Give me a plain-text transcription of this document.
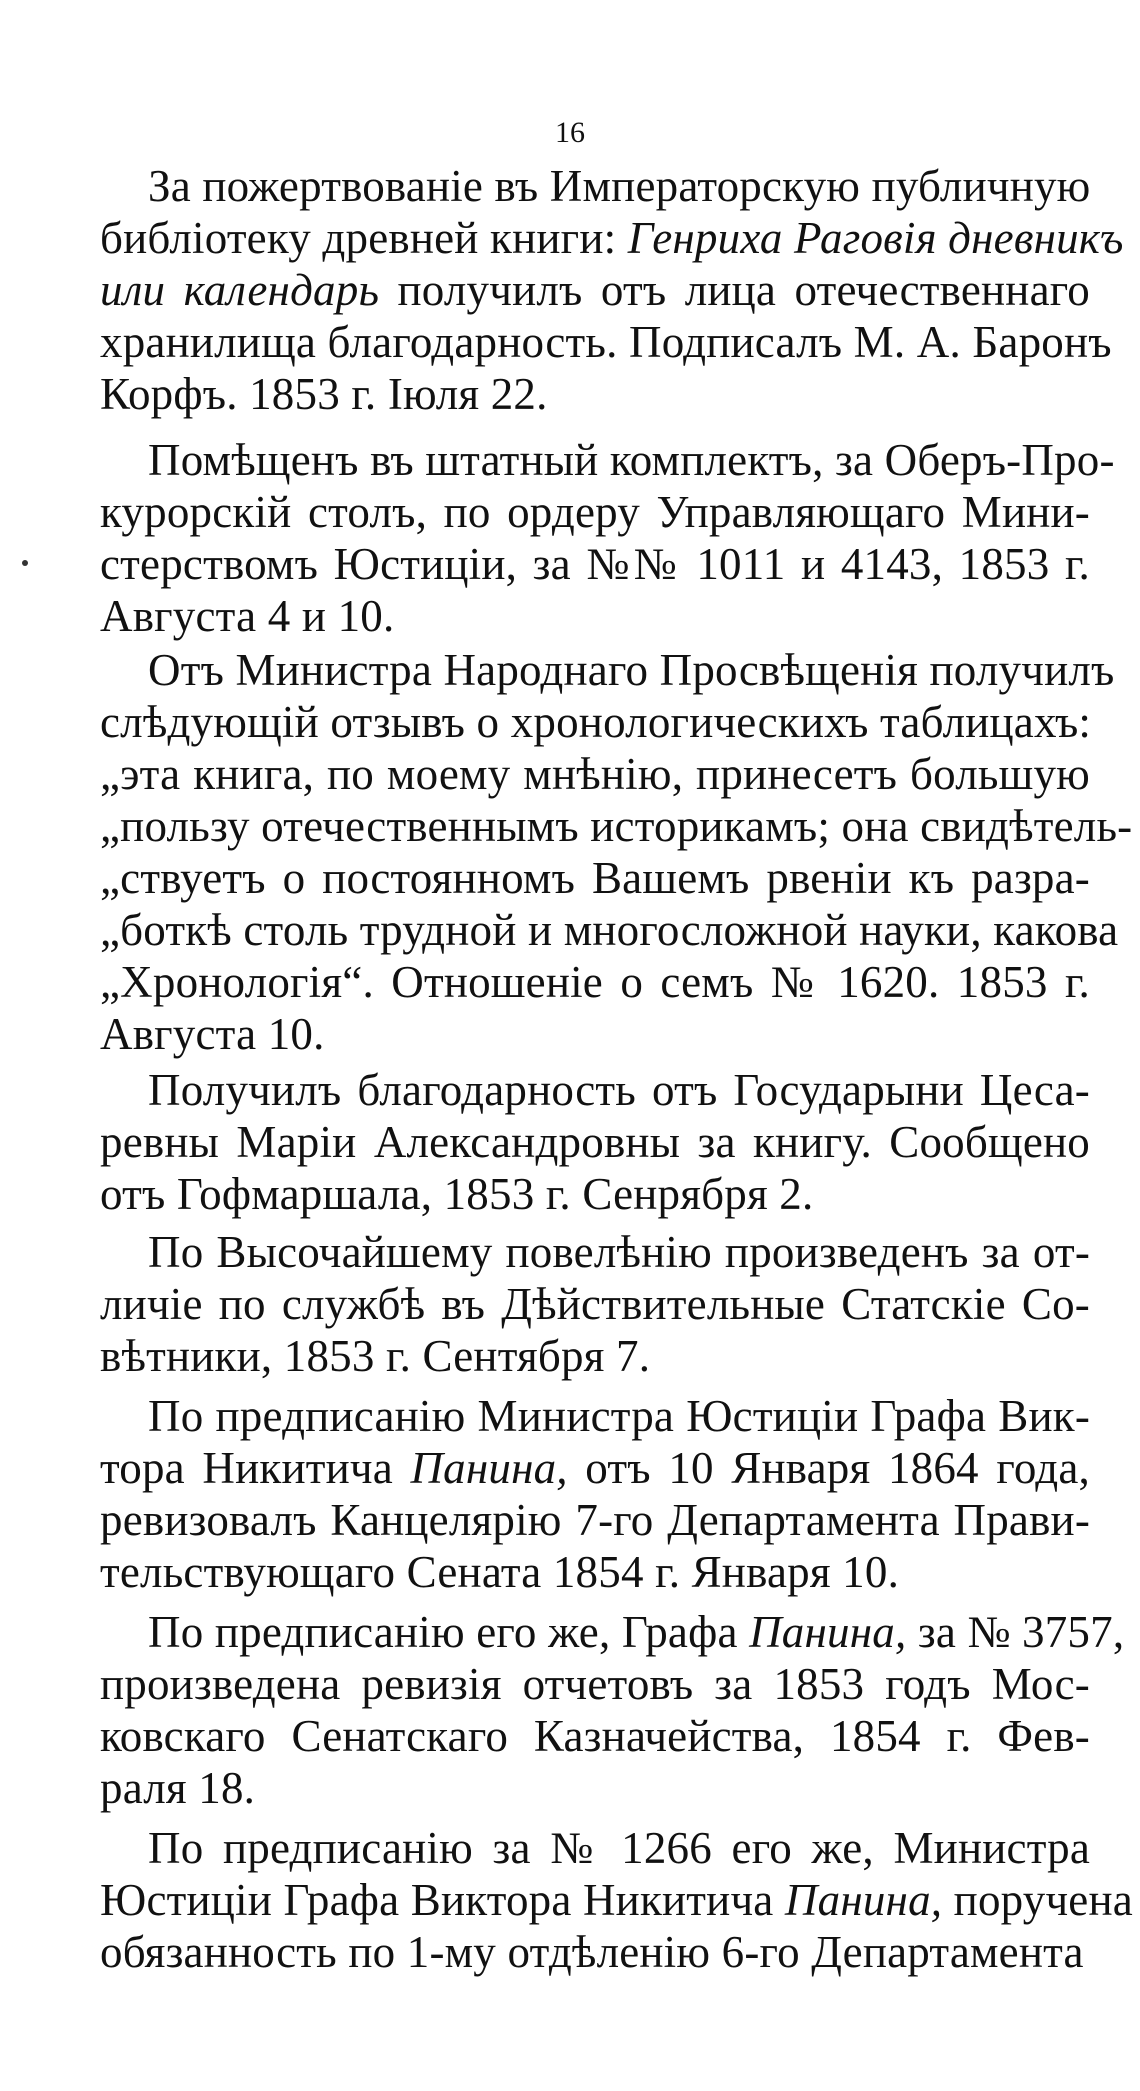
16
За пожертвованіе въ Императорскую публичную
библіотеку древней книги: Генриха Раговія дневникъ
или календарь получилъ отъ лица отечественнаго
хранилища благодарность. Подписалъ М. А. Баронъ
Корфъ. 1853 г. Іюля 22.
Помѣщенъ въ штатный комплектъ, за Оберъ-Про-
курорскій столъ, по ордеру Управляющаго Мини-
стерствомъ Юстиціи, за №№ 1011 и 4143, 1853 г.
Августа 4 и 10.
Отъ Министра Народнаго Просвѣщенія получилъ
слѣдующій отзывъ о хронологическихъ таблицахъ:
„эта книга, по моему мнѣнію, принесетъ большую
„пользу отечественнымъ историкамъ; она свидѣтель-
„ствуетъ о постоянномъ Вашемъ рвеніи къ разра-
„боткѣ столь трудной и многосложной науки, какова
„Хронологія“. Отношеніе о семъ № 1620. 1853 г.
Августа 10.
Получилъ благодарность отъ Государыни Цеса-
ревны Маріи Александровны за книгу. Сообщено
отъ Гофмаршала, 1853 г. Сенрября 2.
По Высочайшему повелѣнію произведенъ за от-
личіе по службѣ въ Дѣйствительные Статскіе Со-
вѣтники, 1853 г. Сентября 7.
По предписанію Министра Юстиціи Графа Вик-
тора Никитича Панина, отъ 10 Января 1864 года,
ревизовалъ Канцелярію 7-го Департамента Прави-
тельствующаго Сената 1854 г. Января 10.
По предписанію его же, Графа Панина, за № 3757,
произведена ревизія отчетовъ за 1853 годъ Мос-
ковскаго Сенатскаго Казначейства, 1854 г. Фев-
раля 18.
По предписанію за № 1266 его же, Министра
Юстиціи Графа Виктора Никитича Панина, поручена
обязанность по 1-му отдѣленію 6-го Департамента
